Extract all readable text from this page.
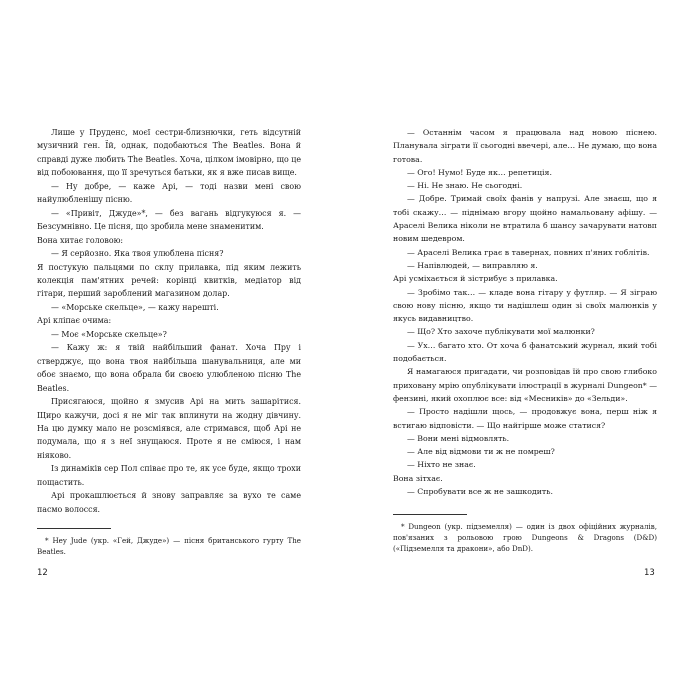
Лише у Пруденс, моєї сестри-близнючки, геть відсутній музичний ген. Їй, однак, подобаються The Beatles. Вона й справді дуже любить The Beatles. Хоча, цілком імовірно, що це від побоювання, що її зречуться батьки, як я вже писав вище.

— Ну добре, — каже Арі, — тоді назви мені свою найулюбленішу пісню.

— «Привіт, Джуде»*, — без вагань відгукуюся я. — Безсумнівно. Це пісня, що зробила мене знаменитим.

Вона хитає головою:

— Я серйозно. Яка твоя улюблена пісня?

Я постукую пальцями по склу прилавка, під яким лежить колекція пам'ятних речей: корінці квитків, медіатор від гітари, перший зароблений магазином долар.

— «Морське скельце», — кажу нарешті.

Арі кліпає очима:

— Моє «Морське скельце»?

— Кажу ж: я твій найбільший фанат. Хоча Пру і стверджує, що вона твоя найбільша шанувальниця, але ми обоє знаємо, що вона обрала би своєю улюбленою пісню The Beatles.

Присягаюся, щойно я змусив Арі на мить зашарітися. Щиро кажучи, досі я не міг так вплинути на жодну дівчину. На цю думку мало не розсміявся, але стримався, щоб Арі не подумала, що я з неї знущаюся. Проте я не сміюся, і нам ніяково.

Із динаміків сер Пол співає про те, як усе буде, якщо трохи пощастить.

Арі прокашлюється й знову заправляє за вухо те саме пасмо волосся.

* Hey Jude (укр. «Гей, Джуде») — пісня британського гурту The Beatles.

— Останнім часом я працювала над новою піснею. Планувала зіграти її сьогодні ввечері, але… Не думаю, що вона готова.

— Ого! Нумо! Буде як… репетиція.

— Ні. Не знаю. Не сьогодні.

— Добре. Тримай своїх фанів у напрузі. Але знаєш, що я тобі скажу… — піднімаю вгору щойно намальовану афішу. — Араселі Велика ніколи не втратила б шансу зачарувати натовп новим шедевром.

— Араселі Велика грає в тавернах, повних п'яних гоблітів.

— Напівлюдей, — виправляю я.

Арі усміхається й зістрибує з прилавка.

— Зробімо так… — кладе вона гітару у футляр. — Я зіграю свою нову пісню, якщо ти надішлеш один зі своїх малюнків у якусь видавництво.

— Що? Хто захоче публікувати мої малюнки?

— Ух… багато хто. От хоча б фанатський журнал, який тобі подобається.

Я намагаюся пригадати, чи розповідав їй про свою глибоко приховану мрію опублікувати ілюстрації в журналі Dungeon* — фензині, який охоплює все: від «Месників» до «Зельди».

— Просто надішли щось, — продовжує вона, перш ніж я встигаю відповісти. — Що найгірше може статися?

— Вони мені відмовлять.

— Але від відмови ти ж не помреш?

— Ніхто не знає.

Вона зітхає.

— Спробувати все ж не зашкодить.

* Dungeon (укр. підземелля) — один із двох офіційних журналів, пов'язаних з рольовою грою Dungeons & Dragons (D&D) («Підземелля та дракони», або DnD).

12	13
